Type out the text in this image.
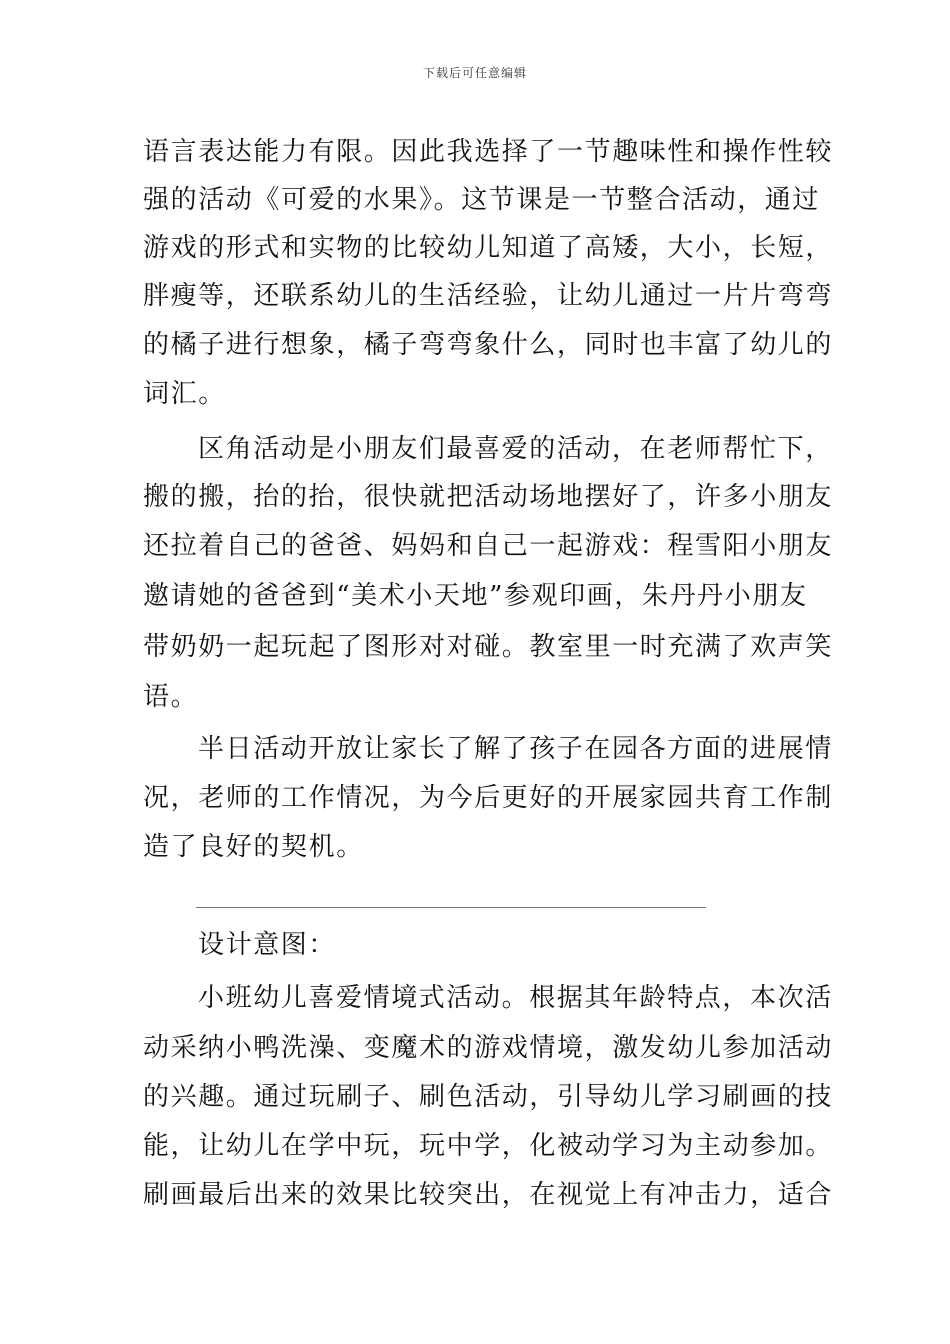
下载后可任意编辑
语言表达能力有限。因此我选择了一节趣味性和操作性较
强的活动《可爱的水果》。这节课是一节整合活动，通过
游戏的形式和实物的比较幼儿知道了高矮，大小，长短，
胖瘦等，还联系幼儿的生活经验，让幼儿通过一片片弯弯
的橘子进行想象，橘子弯弯象什么，同时也丰富了幼儿的
词汇。
区角活动是小朋友们最喜爱的活动，在老师帮忙下，
搬的搬，抬的抬，很快就把活动场地摆好了，许多小朋友
还拉着自己的爸爸、妈妈和自己一起游戏：程雪阳小朋友
邀请她的爸爸到“美术小天地”参观印画，朱丹丹小朋友
带奶奶一起玩起了图形对对碰。教室里一时充满了欢声笑
语。
半日活动开放让家长了解了孩子在园各方面的进展情
况，老师的工作情况，为今后更好的开展家园共育工作制
造了良好的契机。
设计意图：
小班幼儿喜爱情境式活动。根据其年龄特点，本次活
动采纳小鸭洗澡、变魔术的游戏情境，激发幼儿参加活动
的兴趣。通过玩刷子、刷色活动，引导幼儿学习刷画的技
能，让幼儿在学中玩，玩中学，化被动学习为主动参加。
刷画最后出来的效果比较突出，在视觉上有冲击力，适合
